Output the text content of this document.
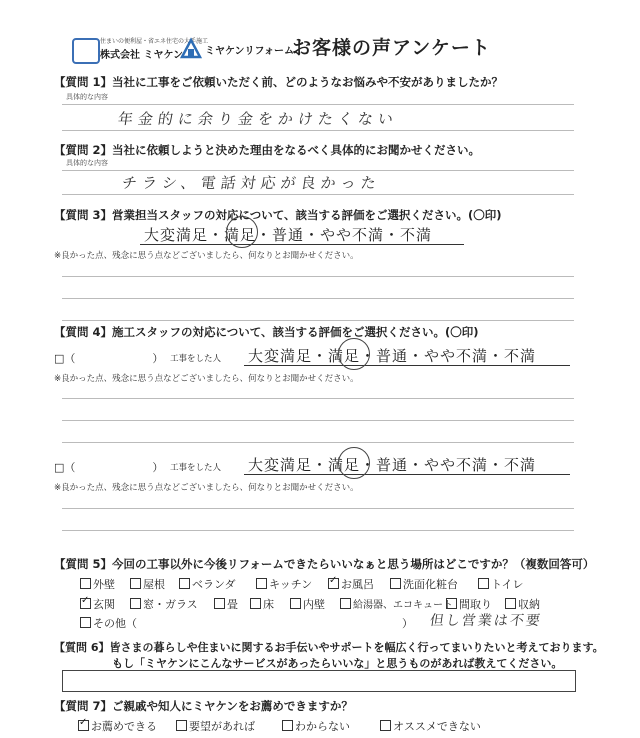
住まいの便利屋・省エネ住宅の大手施工
株式会社 ミヤケン ミヤケンリフォーム
お客様の声アンケート
【質問 1】当社に工事をご依頼いただく前、どのようなお悩みや不安がありましたか？
具体的な内容
年金的に余り金をかけたくない
【質問 2】当社に依頼しようと決めた理由をなるべく具体的にお聞かせください。
具体的な内容
チラシ、電話対応が良かった
【質問 3】営業担当スタッフの対応について、該当する評価をご選択ください。(〇印)
大変満足・満足・普通・やや不満・不満
※良かった点、残念に思う点などございましたら、何なりとお聞かせください。
【質問 4】施工スタッフの対応について、該当する評価をご選択ください。(〇印)
□（　　　　　　　） 工事をした人 大変満足・満足・普通・やや不満・不満
※良かった点、残念に思う点などございましたら、何なりとお聞かせください。
□（　　　　　　　） 工事をした人 大変満足・満足・普通・やや不満・不満
※良かった点、残念に思う点などございましたら、何なりとお聞かせください。
【質問 5】今回の工事以外に今後リフォームできたらいいなぁと思う場所はどこですか？（複数回答可）
外壁	屋根	ベランダ	キッチン
✓	お風呂	洗面化粧台	トイレ
✓玄関	窓・ガラス	畳	床	内壁	給湯器、エコキュート 間取り	収納
その他（	） 但し営業は不要
【質問 6】皆さまの暮らしや住まいに関するお手伝いやサポートを幅広く行ってまいりたいと考えております。
もし「ミヤケンにこんなサービスがあったらいいな」と思うものがあれば教えてください。
【質問 7】ご親戚や知人にミヤケンをお薦めできますか？
✓お薦めできる	要望があれば	わからない	オススメできない
